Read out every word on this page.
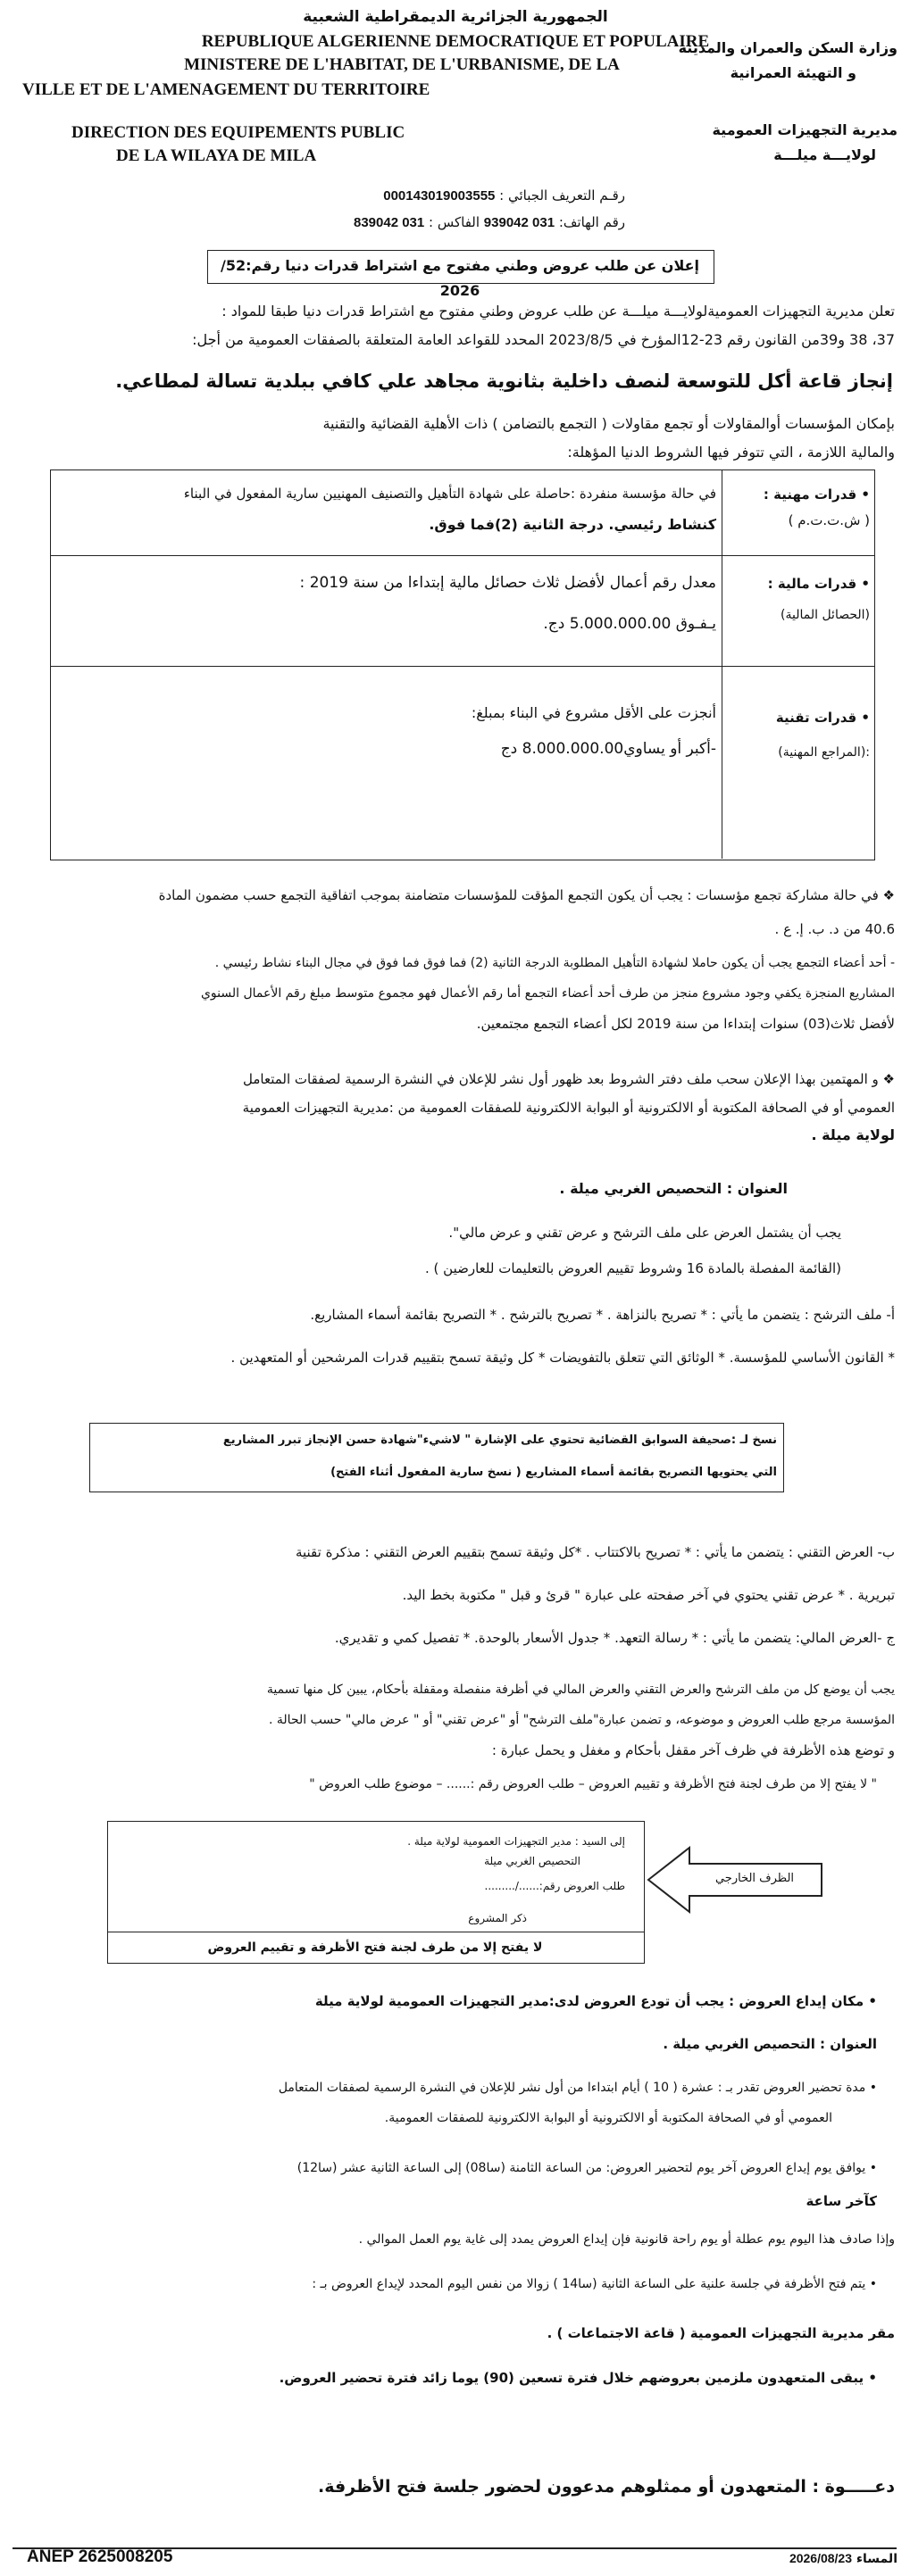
الجمهورية الجزائرية الديمقراطية الشعبية
REPUBLIQUE ALGERIENNE DEMOCRATIQUE ET POPULAIRE
MINISTERE DE L'HABITAT, DE L'URBANISME, DE LA
VILLE ET DE L'AMENAGEMENT DU TERRITOIRE
DIRECTION DES EQUIPEMENTS PUBLIC
DE LA WILAYA DE MILA
وزارة السكن والعمران والمدينة
و التهيئة العمرانية
مديرية التجهيزات العمومية
لولايـــة ميلـــة
رقـم التعريف الجبائي : 000143019003555
رقم الهاتف: 031 939042 الفاكس : 031 839042
إعلان عن طلب عروض وطني مفتوح مع اشتراط قدرات دنيا رقم:52/ 2026
تعلن مديرية التجهيزات العموميةلولايـــة ميلـــة عن طلب عروض وطني مفتوح مع اشتراط قدرات دنيا طبقا للمواد :
37، 38 و39من القانون رقم 23-12المؤرخ في 2023/8/5 المحدد للقواعد العامة المتعلقة بالصفقات العمومية من أجل:
إنجاز قاعة أكل للتوسعة لنصف داخلية بثانوية مجاهد علي كافي ببلدية تسالة لمطاعي.
بإمكان المؤسسات أوالمقاولات أو تجمع مقاولات ( التجمع بالتضامن ) ذات الأهلية القضائية والتقنية
والمالية اللازمة ، التي تتوفر فيها الشروط الدنيا المؤهلة:
• قدرات مهنية :
( ش.ت.ت.م )
في حالة مؤسسة منفردة :حاصلة على شهادة التأهيل والتصنيف المهنيين سارية المفعول في البناء
كنشاط رئيسي. درجة الثانية (2)فما فوق.
• قدرات مالية :
(الحصائل المالية)
معدل رقم أعمال لأفضل ثلاث حصائل مالية إبتداءا من سنة 2019 :
يـفـوق 5.000.000.00 دج.
• قدرات تقنية
:(المراجع المهنية)
أنجزت على الأقل مشروع في البناء بمبلغ:
-أكبر أو يساوي8.000.000.00 دج
❖ في حالة مشاركة تجمع مؤسسات : يجب أن يكون التجمع المؤقت للمؤسسات متضامنة بموجب اتفاقية التجمع حسب مضمون المادة
40.6 من د. ب. إ. ع .
- أحد أعضاء التجمع يجب أن يكون حاملا لشهادة التأهيل المطلوبة الدرجة الثانية (2) فما فوق فما فوق في مجال البناء نشاط رئيسي .
المشاريع المنجزة يكفي وجود مشروع منجز من طرف أحد أعضاء التجمع أما رقم الأعمال فهو مجموع متوسط مبلغ رقم الأعمال السنوي
لأفضل ثلاث(03) سنوات إبتداءا من سنة 2019 لكل أعضاء التجمع مجتمعين.
❖ و المهتمين بهذا الإعلان سحب ملف دفتر الشروط بعد ظهور أول نشر للإعلان في النشرة الرسمية لصفقات المتعامل
العمومي أو في الصحافة المكتوبة أو الالكترونية أو البوابة الالكترونية للصفقات العمومية من :مديرية التجهيزات العمومية
لولاية ميلة .
العنوان : التحصيص الغربي ميلة .
يجب أن يشتمل العرض على ملف الترشح و عرض تقني و عرض مالي".
(القائمة المفصلة بالمادة 16 وشروط تقييم العروض بالتعليمات للعارضين ) .
أ- ملف الترشح : يتضمن ما يأتي : * تصريح بالنزاهة . * تصريح بالترشح . * التصريح بقائمة أسماء المشاريع.
* القانون الأساسي للمؤسسة. * الوثائق التي تتعلق بالتفويضات * كل وثيقة تسمح بتقييم قدرات المرشحين أو المتعهدين .
نسخ لـ :صحيفة السوابق القضائية تحتوي على الإشارة " لاشيء"شهادة حسن الإنجاز تبرر المشاريع
التي يحتويها التصريح بقائمة أسماء المشاريع ( نسخ سارية المفعول أثناء الفتح)
ب- العرض التقني : يتضمن ما يأتي : * تصريح بالاكتتاب . *كل وثيقة تسمح بتقييم العرض التقني : مذكرة تقنية
تبريرية . * عرض تقني يحتوي في آخر صفحته على عبارة " قرئ و قبل " مكتوبة بخط اليد.
ج -العرض المالي: يتضمن ما يأتي : * رسالة التعهد. * جدول الأسعار بالوحدة. * تفصيل كمي و تقديري.
يجب أن يوضع كل من ملف الترشح والعرض التقني والعرض المالي في أظرفة منفصلة ومقفلة بأحكام، يبين كل منها تسمية
المؤسسة مرجع طلب العروض و موضوعه، و تضمن عبارة"ملف الترشح" أو "عرض تقني" أو " عرض مالي" حسب الحالة .
و توضع هذه الأظرفة في ظرف آخر مقفل بأحكام و مغفل و يحمل عبارة :
" لا يفتح إلا من طرف لجنة فتح الأظرفة و تقييم العروض – طلب العروض رقم :...... – موضوع طلب العروض "
إلى السيد : مدير التجهيزات العمومية لولاية ميلة .
التحصيص الغربي ميلة
طلب العروض رقم:....../.........
ذكر المشروع
لا يفتح إلا من طرف لجنة فتح الأظرفة و تقييم العروض
الظرف الخارجي
• مكان إيداع العروض : يجب أن تودع العروض لدى:مدير التجهيزات العمومية لولاية ميلة
العنوان : التحصيص الغربي ميلة .
• مدة تحضير العروض تقدر بـ : عشرة ( 10 ) أيام ابتداءا من أول نشر للإعلان في النشرة الرسمية لصفقات المتعامل
العمومي أو في الصحافة المكتوبة أو الالكترونية أو البوابة الالكترونية للصفقات العمومية.
• يوافق يوم إيداع العروض آخر يوم لتحضير العروض: من الساعة الثامنة (سا08) إلى الساعة الثانية عشر (سا12)
كآخر ساعة
وإذا صادف هذا اليوم يوم عطلة أو يوم راحة قانونية فإن إيداع العروض يمدد إلى غاية يوم العمل الموالي .
• يتم فتح الأظرفة في جلسة علنية على الساعة الثانية (سا14 ) زوالا من نفس اليوم المحدد لإيداع العروض بـ :
مقر مديرية التجهيزات العمومية ( قاعة الاجتماعات ) .
• يبقى المتعهدون ملزمين بعروضهم خلال فترة تسعين (90) يوما زائد فترة تحضير العروض.
دعـــــوة : المتعهدون أو ممثلوهم مدعوون لحضور جلسة فتح الأظرفة.
ANEP 2625008205	المساء 2026/08/23
